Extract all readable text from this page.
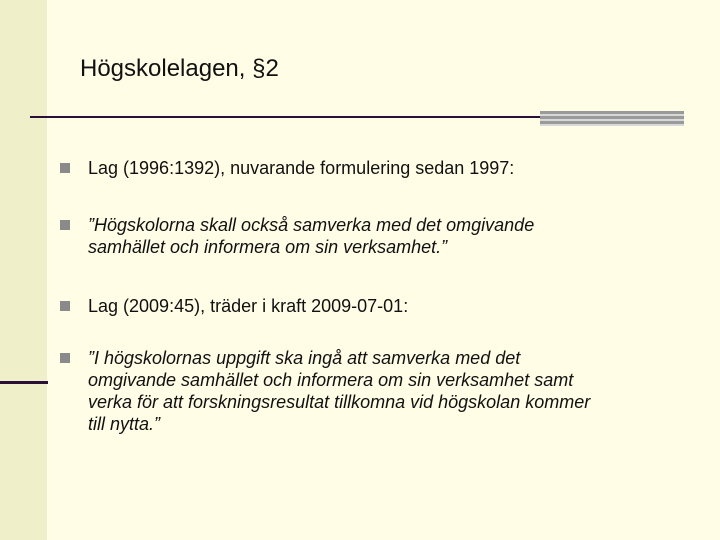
Högskolelagen, §2
Lag (1996:1392), nuvarande formulering sedan 1997:
”Högskolorna skall också samverka med det omgivande
samhället och informera om sin verksamhet.”
Lag (2009:45), träder i kraft 2009-07-01:
”I högskolornas uppgift ska ingå att samverka med det
omgivande samhället och informera om sin verksamhet samt
verka för att forskningsresultat tillkomna vid högskolan kommer
till nytta.”
